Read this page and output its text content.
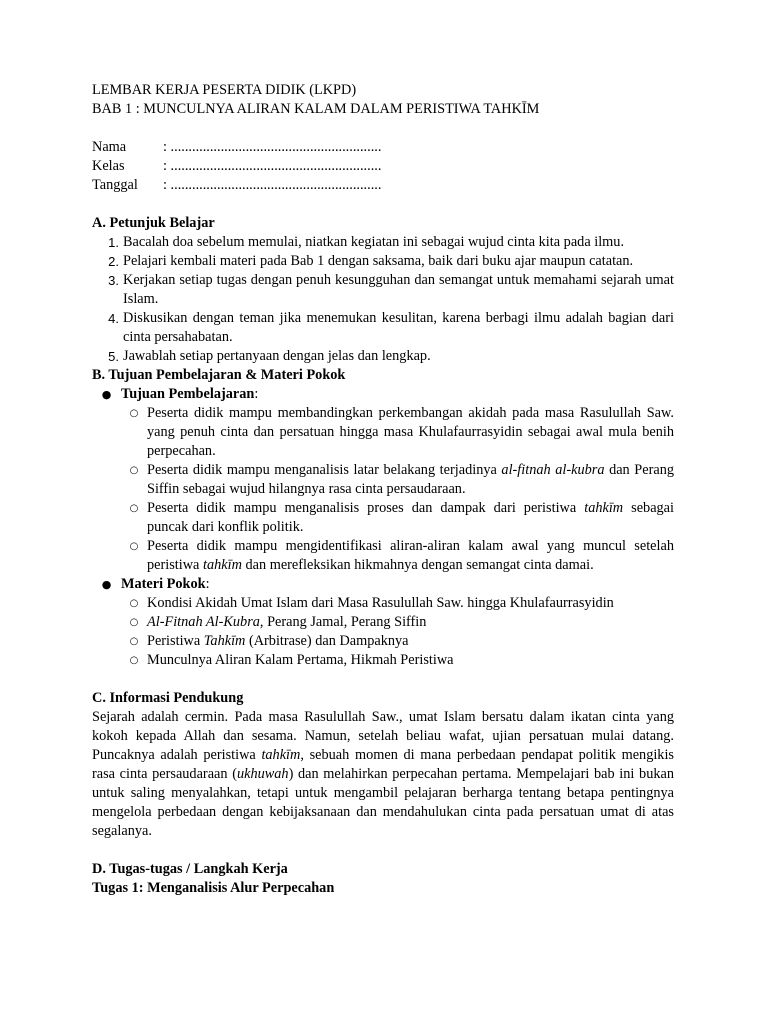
LEMBAR KERJA PESERTA DIDIK (LKPD)

BAB 1 : MUNCULNYA ALIRAN KALAM DALAM PERISTIWA TAHKĪM

Nama	: ...........................................................
Kelas	: ...........................................................
Tanggal	: ...........................................................
A. Petunjuk Belajar
1. Bacalah doa sebelum memulai, niatkan kegiatan ini sebagai wujud cinta kita pada ilmu.
2. Pelajari kembali materi pada Bab 1 dengan saksama, baik dari buku ajar maupun catatan.
3. Kerjakan setiap tugas dengan penuh kesungguhan dan semangat untuk memahami sejarah umat Islam.
4. Diskusikan dengan teman jika menemukan kesulitan, karena berbagi ilmu adalah bagian dari cinta persahabatan.
5. Jawablah setiap pertanyaan dengan jelas dan lengkap.
B. Tujuan Pembelajaran & Materi Pokok
● Tujuan Pembelajaran:
○ Peserta didik mampu membandingkan perkembangan akidah pada masa Rasulullah Saw. yang penuh cinta dan persatuan hingga masa Khulafaurrasyidin sebagai awal mula benih perpecahan.
○ Peserta didik mampu menganalisis latar belakang terjadinya al-fitnah al-kubra dan Perang Siffin sebagai wujud hilangnya rasa cinta persaudaraan.
○ Peserta didik mampu menganalisis proses dan dampak dari peristiwa tahkīm sebagai puncak dari konflik politik.
○ Peserta didik mampu mengidentifikasi aliran-aliran kalam awal yang muncul setelah peristiwa tahkīm dan merefleksikan hikmahnya dengan semangat cinta damai.
● Materi Pokok:
○ Kondisi Akidah Umat Islam dari Masa Rasulullah Saw. hingga Khulafaurrasyidin
○ Al-Fitnah Al-Kubra, Perang Jamal, Perang Siffin
○ Peristiwa Tahkīm (Arbitrase) dan Dampaknya
○ Munculnya Aliran Kalam Pertama, Hikmah Peristiwa
C. Informasi Pendukung
Sejarah adalah cermin. Pada masa Rasulullah Saw., umat Islam bersatu dalam ikatan cinta yang kokoh kepada Allah dan sesama. Namun, setelah beliau wafat, ujian persatuan mulai datang. Puncaknya adalah peristiwa tahkīm, sebuah momen di mana perbedaan pendapat politik mengikis rasa cinta persaudaraan (ukhuwah) dan melahirkan perpecahan pertama. Mempelajari bab ini bukan untuk saling menyalahkan, tetapi untuk mengambil pelajaran berharga tentang betapa pentingnya mengelola perbedaan dengan kebijaksanaan dan mendahulukan cinta pada persatuan umat di atas segalanya.
D. Tugas-tugas / Langkah Kerja
Tugas 1: Menganalisis Alur Perpecahan
